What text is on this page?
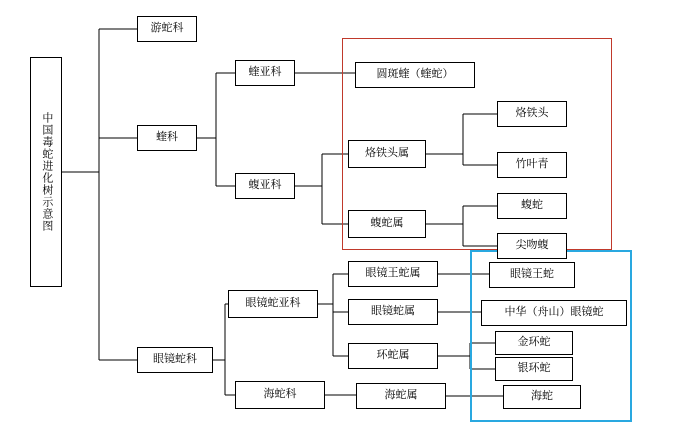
中国毒蛇进化树示意图
游蛇科
蝰科
眼镜蛇科
蝰亚科
蝮亚科
眼镜蛇亚科
海蛇科
圆斑蝰（蝰蛇）
烙铁头属
蝮蛇属
眼镜王蛇属
眼镜蛇属
环蛇属
海蛇属
烙铁头
竹叶青
蝮蛇
尖吻蝮
眼镜王蛇
中华（舟山）眼镜蛇
金环蛇
银环蛇
海蛇
